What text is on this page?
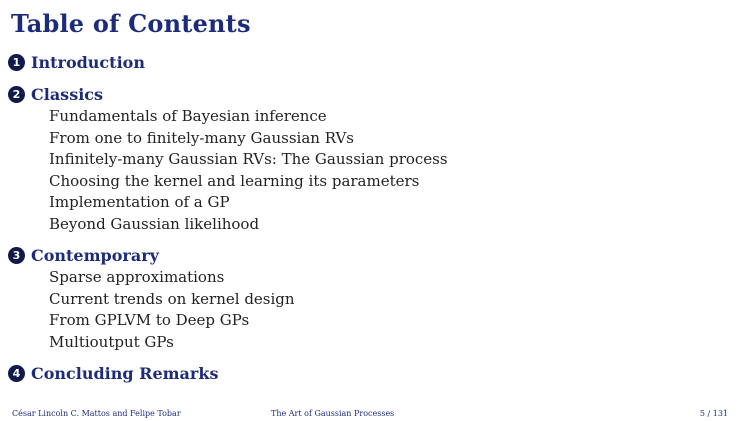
Table of Contents
1 Introduction
2 Classics
Fundamentals of Bayesian inference
From one to finitely-many Gaussian RVs
Infinitely-many Gaussian RVs: The Gaussian process
Choosing the kernel and learning its parameters
Implementation of a GP
Beyond Gaussian likelihood
3 Contemporary
Sparse approximations
Current trends on kernel design
From GPLVM to Deep GPs
Multioutput GPs
4 Concluding Remarks
César Lincoln C. Mattos and Felipe Tobar	The Art of Gaussian Processes	5 / 131
